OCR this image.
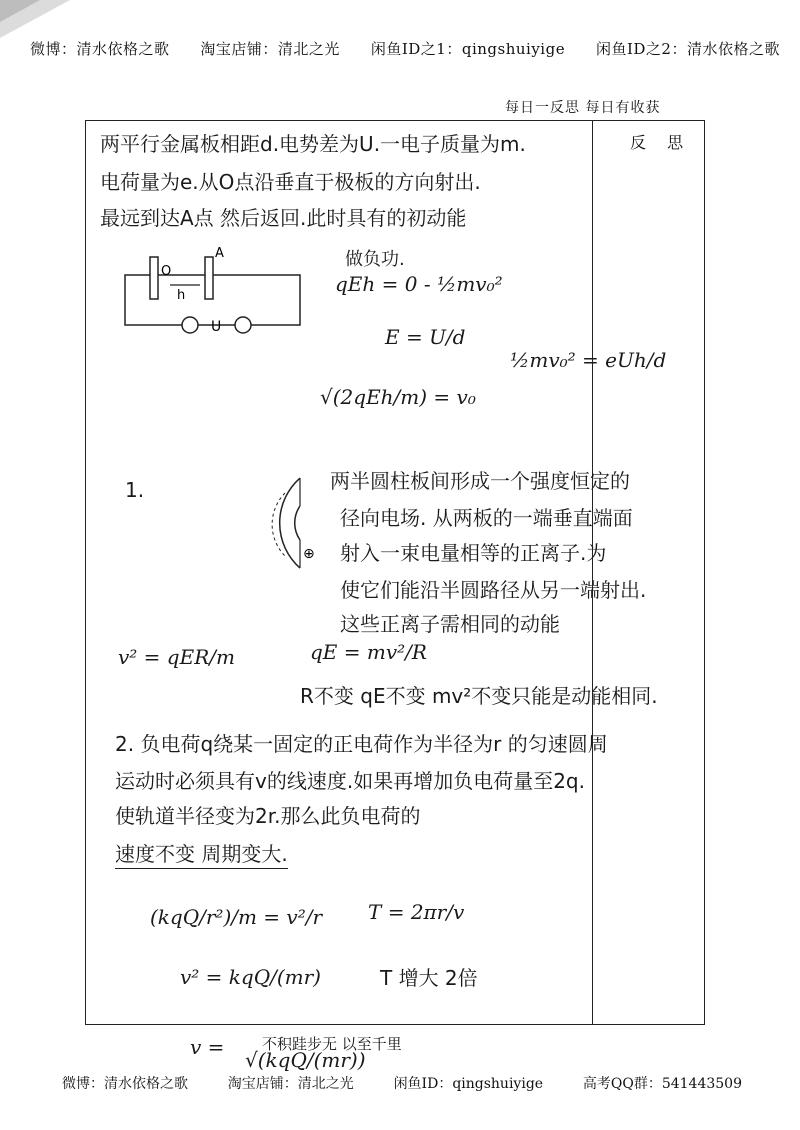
微博：清水依格之歌 淘宝店铺：清北之光 闲鱼ID之1：qingshuiyige 闲鱼ID之2：清水依格之歌
每日一反思 每日有收获
反 思
两平行金属板相距d.电势差为U.一电子质量为m.
电荷量为e.从O点沿垂直于极板的方向射出.
最远到达A点 然后返回.此时具有的初动能
O
h
A
U
做负功.
qEh = 0 - ½mv₀²
E = U/d
½mv₀² = eUh/d
√(2qEh/m) = v₀
1.
⊕
两半圆柱板间形成一个强度恒定的
径向电场. 从两板的一端垂直端面
射入一束电量相等的正离子.为
使它们能沿半圆路径从另一端射出.
这些正离子需相同的动能
v² = qER/m	qE = mv²/R
R不变 qE不变 mv²不变只能是动能相同.
2. 负电荷q绕某一固定的正电荷作为半径为r 的匀速圆周
运动时必须具有v的线速度.如果再增加负电荷量至2q.
使轨道半径变为2r.那么此负电荷的
速度不变 周期变大.
(kqQ/r²)/m = v²/r T = 2πr/v
v² = kqQ/(mr)	T 增大 2倍
v =
√(kqQ/(mr))
不积跬步无 以至千里
微博：清水依格之歌	淘宝店铺：清北之光	闲鱼ID：qingshuiyige	高考QQ群：541443509
